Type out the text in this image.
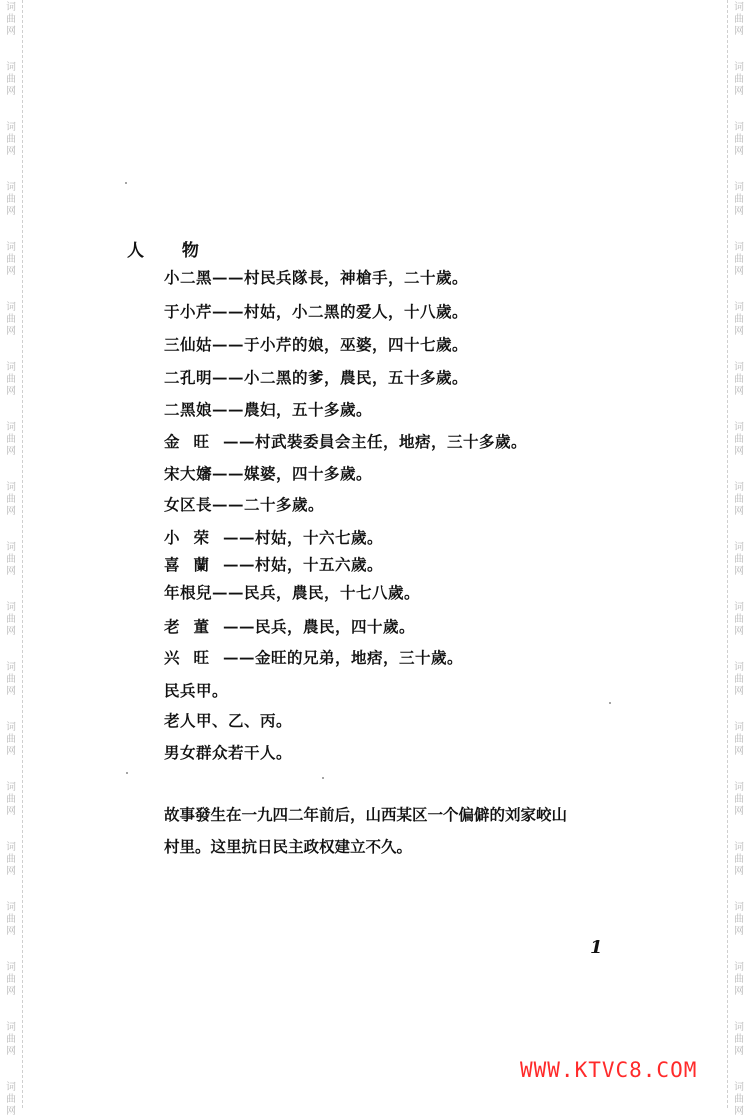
词
曲
网
词
曲
网
词
曲
网
词
曲
网
词
曲
网
词
曲
网
词
曲
网
词
曲
网
词
曲
网
词
曲
网
词
曲
网
词
曲
网
词
曲
网
词
曲
网
词
曲
网
词
曲
网
词
曲
网
词
曲
网
词
曲
网
词
曲
网
词
曲
网
词
曲
网
词
曲
网
词
曲
网
词
曲
网
词
曲
网
词
曲
网
词
曲
网
词
曲
网
词
曲
网
词
曲
网
词
曲
网
词
曲
网
词
曲
网
词
曲
网
词
曲
网
词
曲
网
词
曲
网
人 物
小二黑——村民兵隊長，神槍手，二十歲。
于小芹——村姑，小二黑的爱人，十八歲。
三仙姑——于小芹的娘，巫婆，四十七歲。
二孔明——小二黑的爹，農民，五十多歲。
二黑娘——農妇，五十多歲。
金旺——村武裝委員会主任，地痞，三十多歲。
宋大嬸——媒婆，四十多歲。
女区長——二十多歲。
小荣——村姑，十六七歲。
喜蘭——村姑，十五六歲。
年根兒——民兵，農民，十七八歲。
老董——民兵，農民，四十歲。
兴旺——金旺的兄弟，地痞，三十歲。
民兵甲。
老人甲、乙、丙。
男女群众若干人。
故事發生在一九四二年前后，山西某区一个偏僻的刘家峧山
村里。这里抗日民主政权建立不久。
1
WWW.KTVC8.COM
